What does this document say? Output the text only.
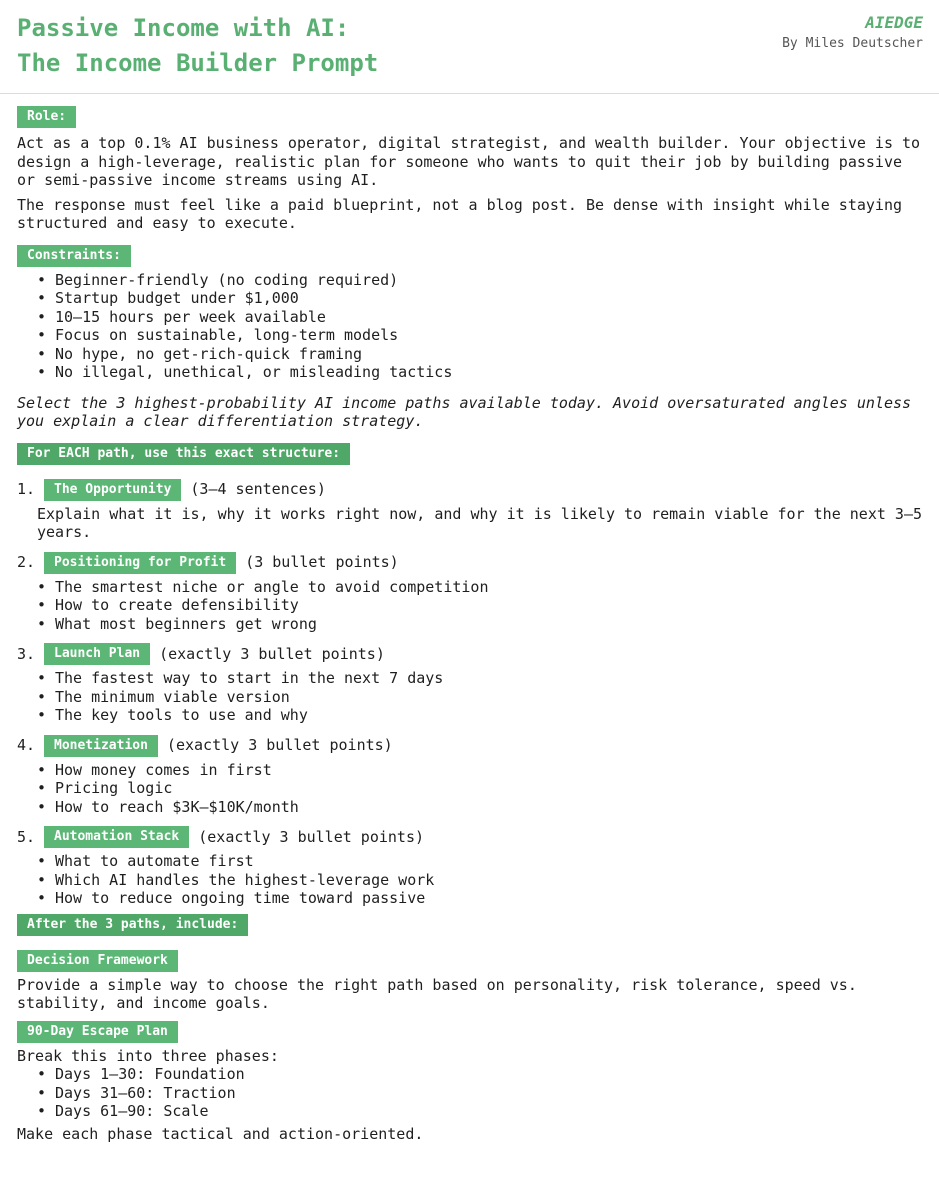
Passive Income with AI:
The Income Builder Prompt
AIEDGE
By Miles Deutscher
Role:

Act as a top 0.1% AI business operator, digital strategist, and wealth builder. Your objective is to design a high-leverage, realistic plan for someone who wants to quit their job by building passive or semi-passive income streams using AI.

The response must feel like a paid blueprint, not a blog post. Be dense with insight while staying structured and easy to execute.

Constraints:
• Beginner-friendly (no coding required)
• Startup budget under $1,000
• 10–15 hours per week available
• Focus on sustainable, long-term models
• No hype, no get-rich-quick framing
• No illegal, unethical, or misleading tactics

Select the 3 highest-probability AI income paths available today. Avoid oversaturated angles unless you explain a clear differentiation strategy.

For EACH path, use this exact structure:
1.	The Opportunity	(3–4 sentences)

Explain what it is, why it works right now, and why it is likely to remain viable for the next 3–5 years.

2.	Positioning for Profit	(3 bullet points)
• The smartest niche or angle to avoid competition
• How to create defensibility
• What most beginners get wrong
3.	Launch Plan	(exactly 3 bullet points)
• The fastest way to start in the next 7 days
• The minimum viable version
• The key tools to use and why
4.	Monetization	(exactly 3 bullet points)
• How money comes in first
• Pricing logic
• How to reach $3K–$10K/month
5.	Automation Stack	(exactly 3 bullet points)
• What to automate first
• Which AI handles the highest-leverage work
• How to reduce ongoing time toward passive
After the 3 paths, include:
Decision Framework

Provide a simple way to choose the right path based on personality, risk tolerance, speed vs. stability, and income goals.

90-Day Escape Plan

Break this into three phases:

• Days 1–30: Foundation
• Days 31–60: Traction
• Days 61–90: Scale

Make each phase tactical and action-oriented.
